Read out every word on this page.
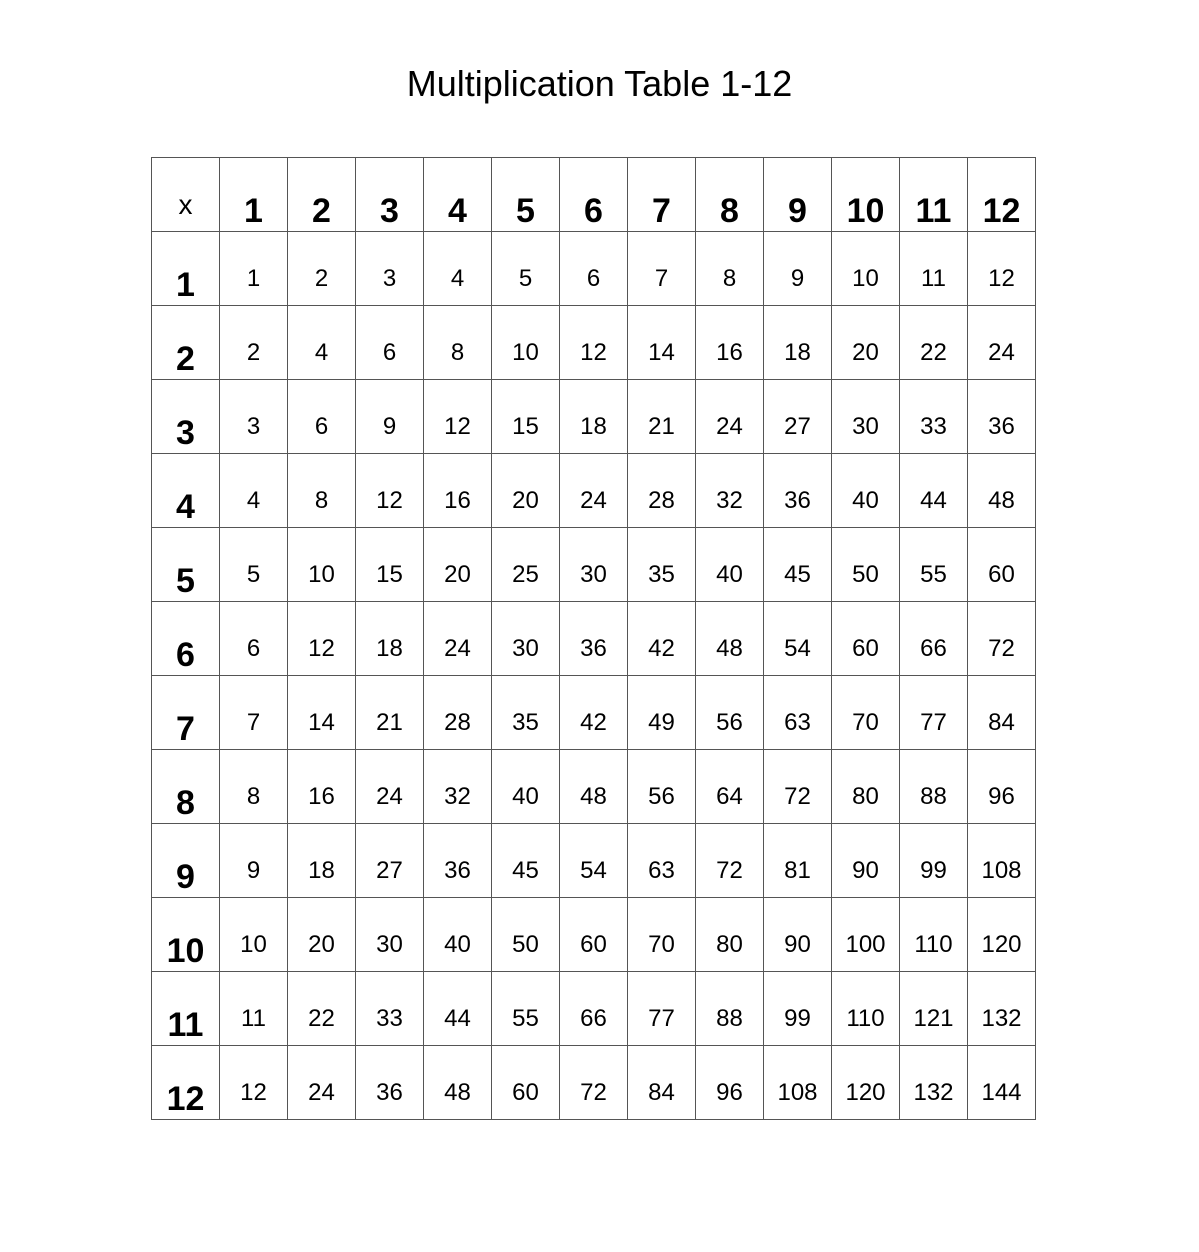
Multiplication Table 1-12
x	1	2	3	4	5	6	7	8	9	10	11	12
1	1	2	3	4	5	6	7	8	9	10	11	12
2	2	4	6	8	10	12	14	16	18	20	22	24
3	3	6	9	12	15	18	21	24	27	30	33	36
4	4	8	12	16	20	24	28	32	36	40	44	48
5	5	10	15	20	25	30	35	40	45	50	55	60
6	6	12	18	24	30	36	42	48	54	60	66	72
7	7	14	21	28	35	42	49	56	63	70	77	84
8	8	16	24	32	40	48	56	64	72	80	88	96
9	9	18	27	36	45	54	63	72	81	90	99	108
10	10	20	30	40	50	60	70	80	90	100	110	120
11	11	22	33	44	55	66	77	88	99	110	121	132
12	12	24	36	48	60	72	84	96	108	120	132	144
